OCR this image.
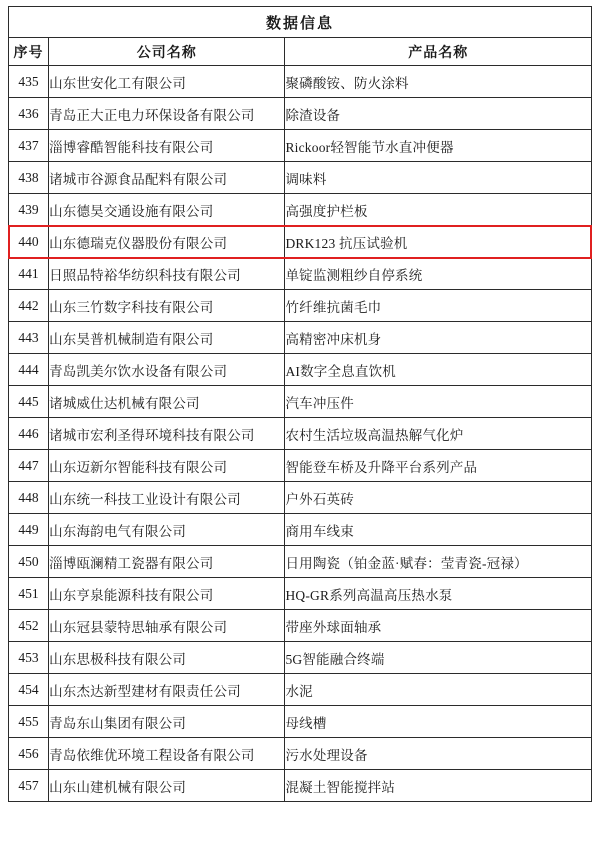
数据信息		
序号	公司名称	产品名称
435	山东世安化工有限公司	聚磷酸铵、防火涂料
436	青岛正大正电力环保设备有限公司	除渣设备
437	淄博睿酷智能科技有限公司	Rickoor轻智能节水直冲便器
438	诸城市谷源食品配料有限公司	调味料
439	山东德昊交通设施有限公司	高强度护栏板
440	山东德瑞克仪器股份有限公司	DRK123 抗压试验机
441	日照品特裕华纺织科技有限公司	单锭监测粗纱自停系统
442	山东三竹数字科技有限公司	竹纤维抗菌毛巾
443	山东昊普机械制造有限公司	高精密冲床机身
444	青岛凯美尔饮水设备有限公司	AI数字全息直饮机
445	诸城威仕达机械有限公司	汽车冲压件
446	诸城市宏利圣得环境科技有限公司	农村生活垃圾高温热解气化炉
447	山东迈新尔智能科技有限公司	智能登车桥及升降平台系列产品
448	山东统一科技工业设计有限公司	户外石英砖
449	山东海韵电气有限公司	商用车线束
450	淄博瓯澜精工瓷器有限公司	日用陶瓷（铂金蓝·赋春：莹青瓷-冠禄）
451	山东亨泉能源科技有限公司	HQ-GR系列高温高压热水泵
452	山东冠县蒙特思轴承有限公司	带座外球面轴承
453	山东思极科技有限公司	5G智能融合终端
454	山东杰达新型建材有限责任公司	水泥
455	青岛东山集团有限公司	母线槽
456	青岛依维优环境工程设备有限公司	污水处理设备
457	山东山建机械有限公司	混凝土智能搅拌站
